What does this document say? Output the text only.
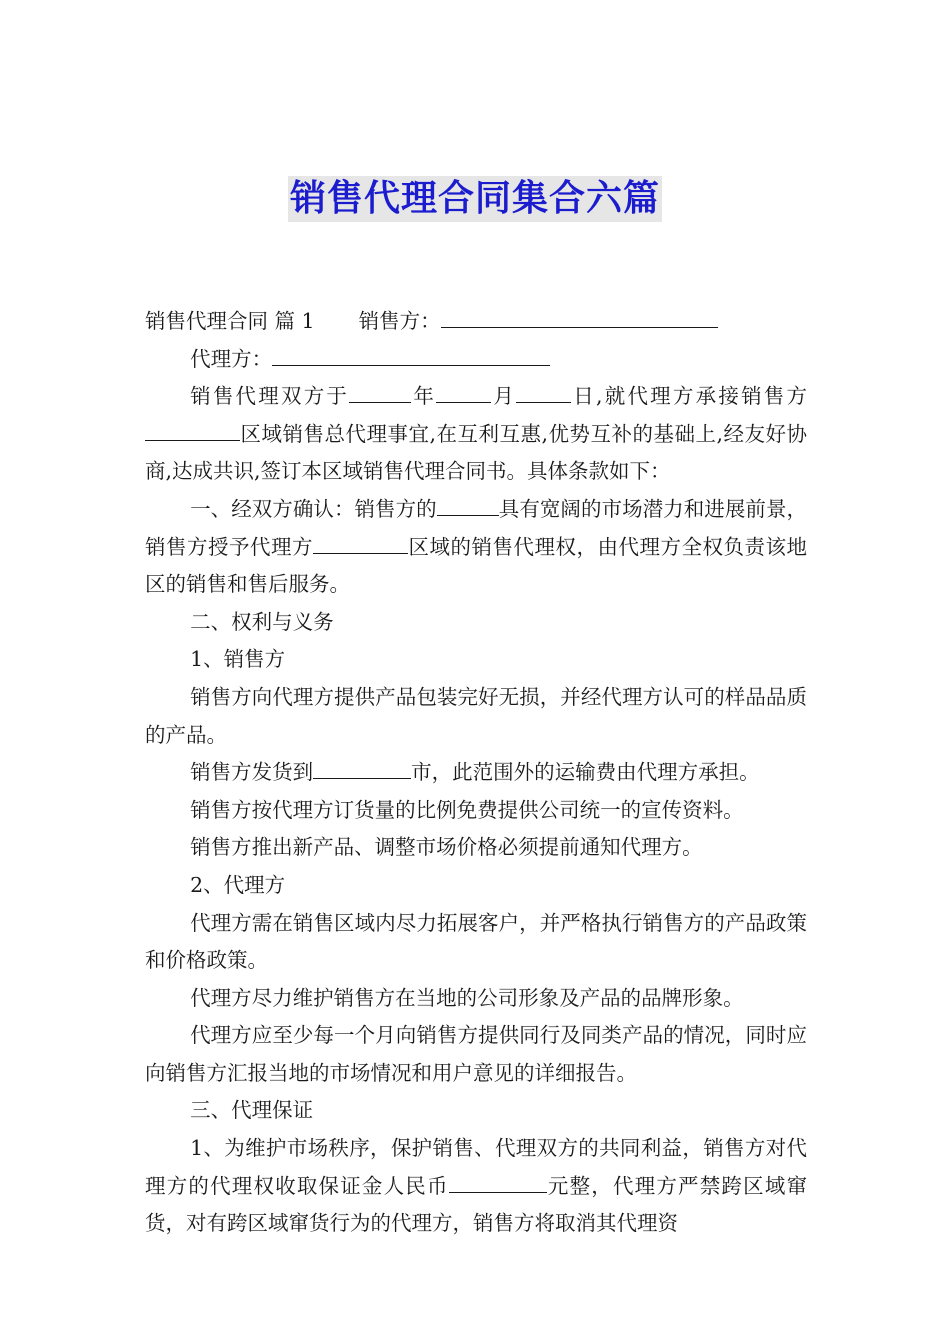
销售代理合同集合六篇

销售代理合同 篇 1 销售方：

代理方：

销售代理双方于	年	月	日,就代理方承接销售方区域销售总代理事宜,在互利互惠,优势互补的基础上,经友好协商,达成共识,签订本区域销售代理合同书。具体条款如下：

一、经双方确认：销售方的	具有宽阔的市场潜力和进展前景，销售方授予代理方	区域的销售代理权，由代理方全权负责该地区的销售和售后服务。

二、权利与义务

1、销售方

销售方向代理方提供产品包装完好无损，并经代理方认可的样品品质的产品。

销售方发货到	市，此范围外的运输费由代理方承担。

销售方按代理方订货量的比例免费提供公司统一的宣传资料。

销售方推出新产品、调整市场价格必须提前通知代理方。

2、代理方

代理方需在销售区域内尽力拓展客户，并严格执行销售方的产品政策和价格政策。

代理方尽力维护销售方在当地的公司形象及产品的品牌形象。

代理方应至少每一个月向销售方提供同行及同类产品的情况，同时应向销售方汇报当地的市场情况和用户意见的详细报告。

三、代理保证

1、为维护市场秩序，保护销售、代理双方的共同利益，销售方对代理方的代理权收取保证金人民币	元整，代理方严禁跨区域窜货，对有跨区域窜货行为的代理方，销售方将取消其代理资
